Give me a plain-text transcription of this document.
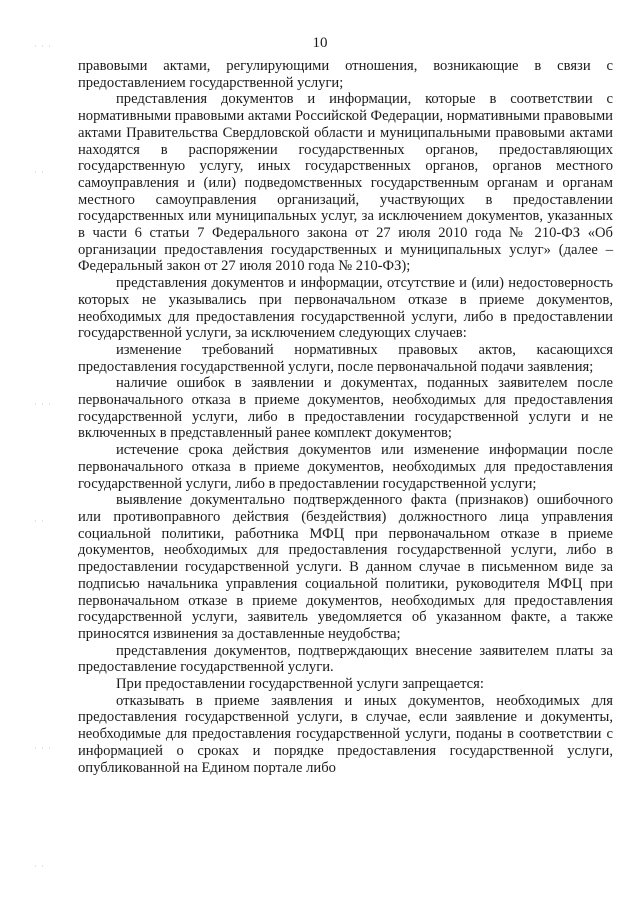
10
· · ·
· ·
· · ·
· ·
· · ·
· ·

правовыми актами, регулирующими отношения, возникающие в связи с предоставлением государственной услуги;

представления документов и информации, которые в соответствии с нормативными правовыми актами Российской Федерации, нормативными правовыми актами Правительства Свердловской области и муниципальными правовыми актами находятся в распоряжении государственных органов, предоставляющих государственную услугу, иных государственных органов, органов местного самоуправления и (или) подведомственных государственным органам и органам местного самоуправления организаций, участвующих в предоставлении государственных или муниципальных услуг, за исключением документов, указанных в части 6 статьи 7 Федерального закона от 27 июля 2010 года № 210-ФЗ «Об организации предоставления государственных и муниципальных услуг» (далее – Федеральный закон от 27 июля 2010 года № 210-ФЗ);

представления документов и информации, отсутствие и (или) недостоверность которых не указывались при первоначальном отказе в приеме документов, необходимых для предоставления государственной услуги, либо в предоставлении государственной услуги, за исключением следующих случаев:

изменение требований нормативных правовых актов, касающихся предоставления государственной услуги, после первоначальной подачи заявления;

наличие ошибок в заявлении и документах, поданных заявителем после первоначального отказа в приеме документов, необходимых для предоставления государственной услуги, либо в предоставлении государственной услуги и не включенных в представленный ранее комплект документов;

истечение срока действия документов или изменение информации после первоначального отказа в приеме документов, необходимых для предоставления государственной услуги, либо в предоставлении государственной услуги;

выявление документально подтвержденного факта (признаков) ошибочного или противоправного действия (бездействия) должностного лица управления социальной политики, работника МФЦ при первоначальном отказе в приеме документов, необходимых для предоставления государственной услуги, либо в предоставлении государственной услуги. В данном случае в письменном виде за подписью начальника управления социальной политики, руководителя МФЦ при первоначальном отказе в приеме документов, необходимых для предоставления государственной услуги, заявитель уведомляется об указанном факте, а также приносятся извинения за доставленные неудобства;

представления документов, подтверждающих внесение заявителем платы за предоставление государственной услуги.

При предоставлении государственной услуги запрещается:

отказывать в приеме заявления и иных документов, необходимых для предоставления государственной услуги, в случае, если заявление и документы, необходимые для предоставления государственной услуги, поданы в соответствии с информацией о сроках и порядке предоставления государственной услуги, опубликованной на Едином портале либо
